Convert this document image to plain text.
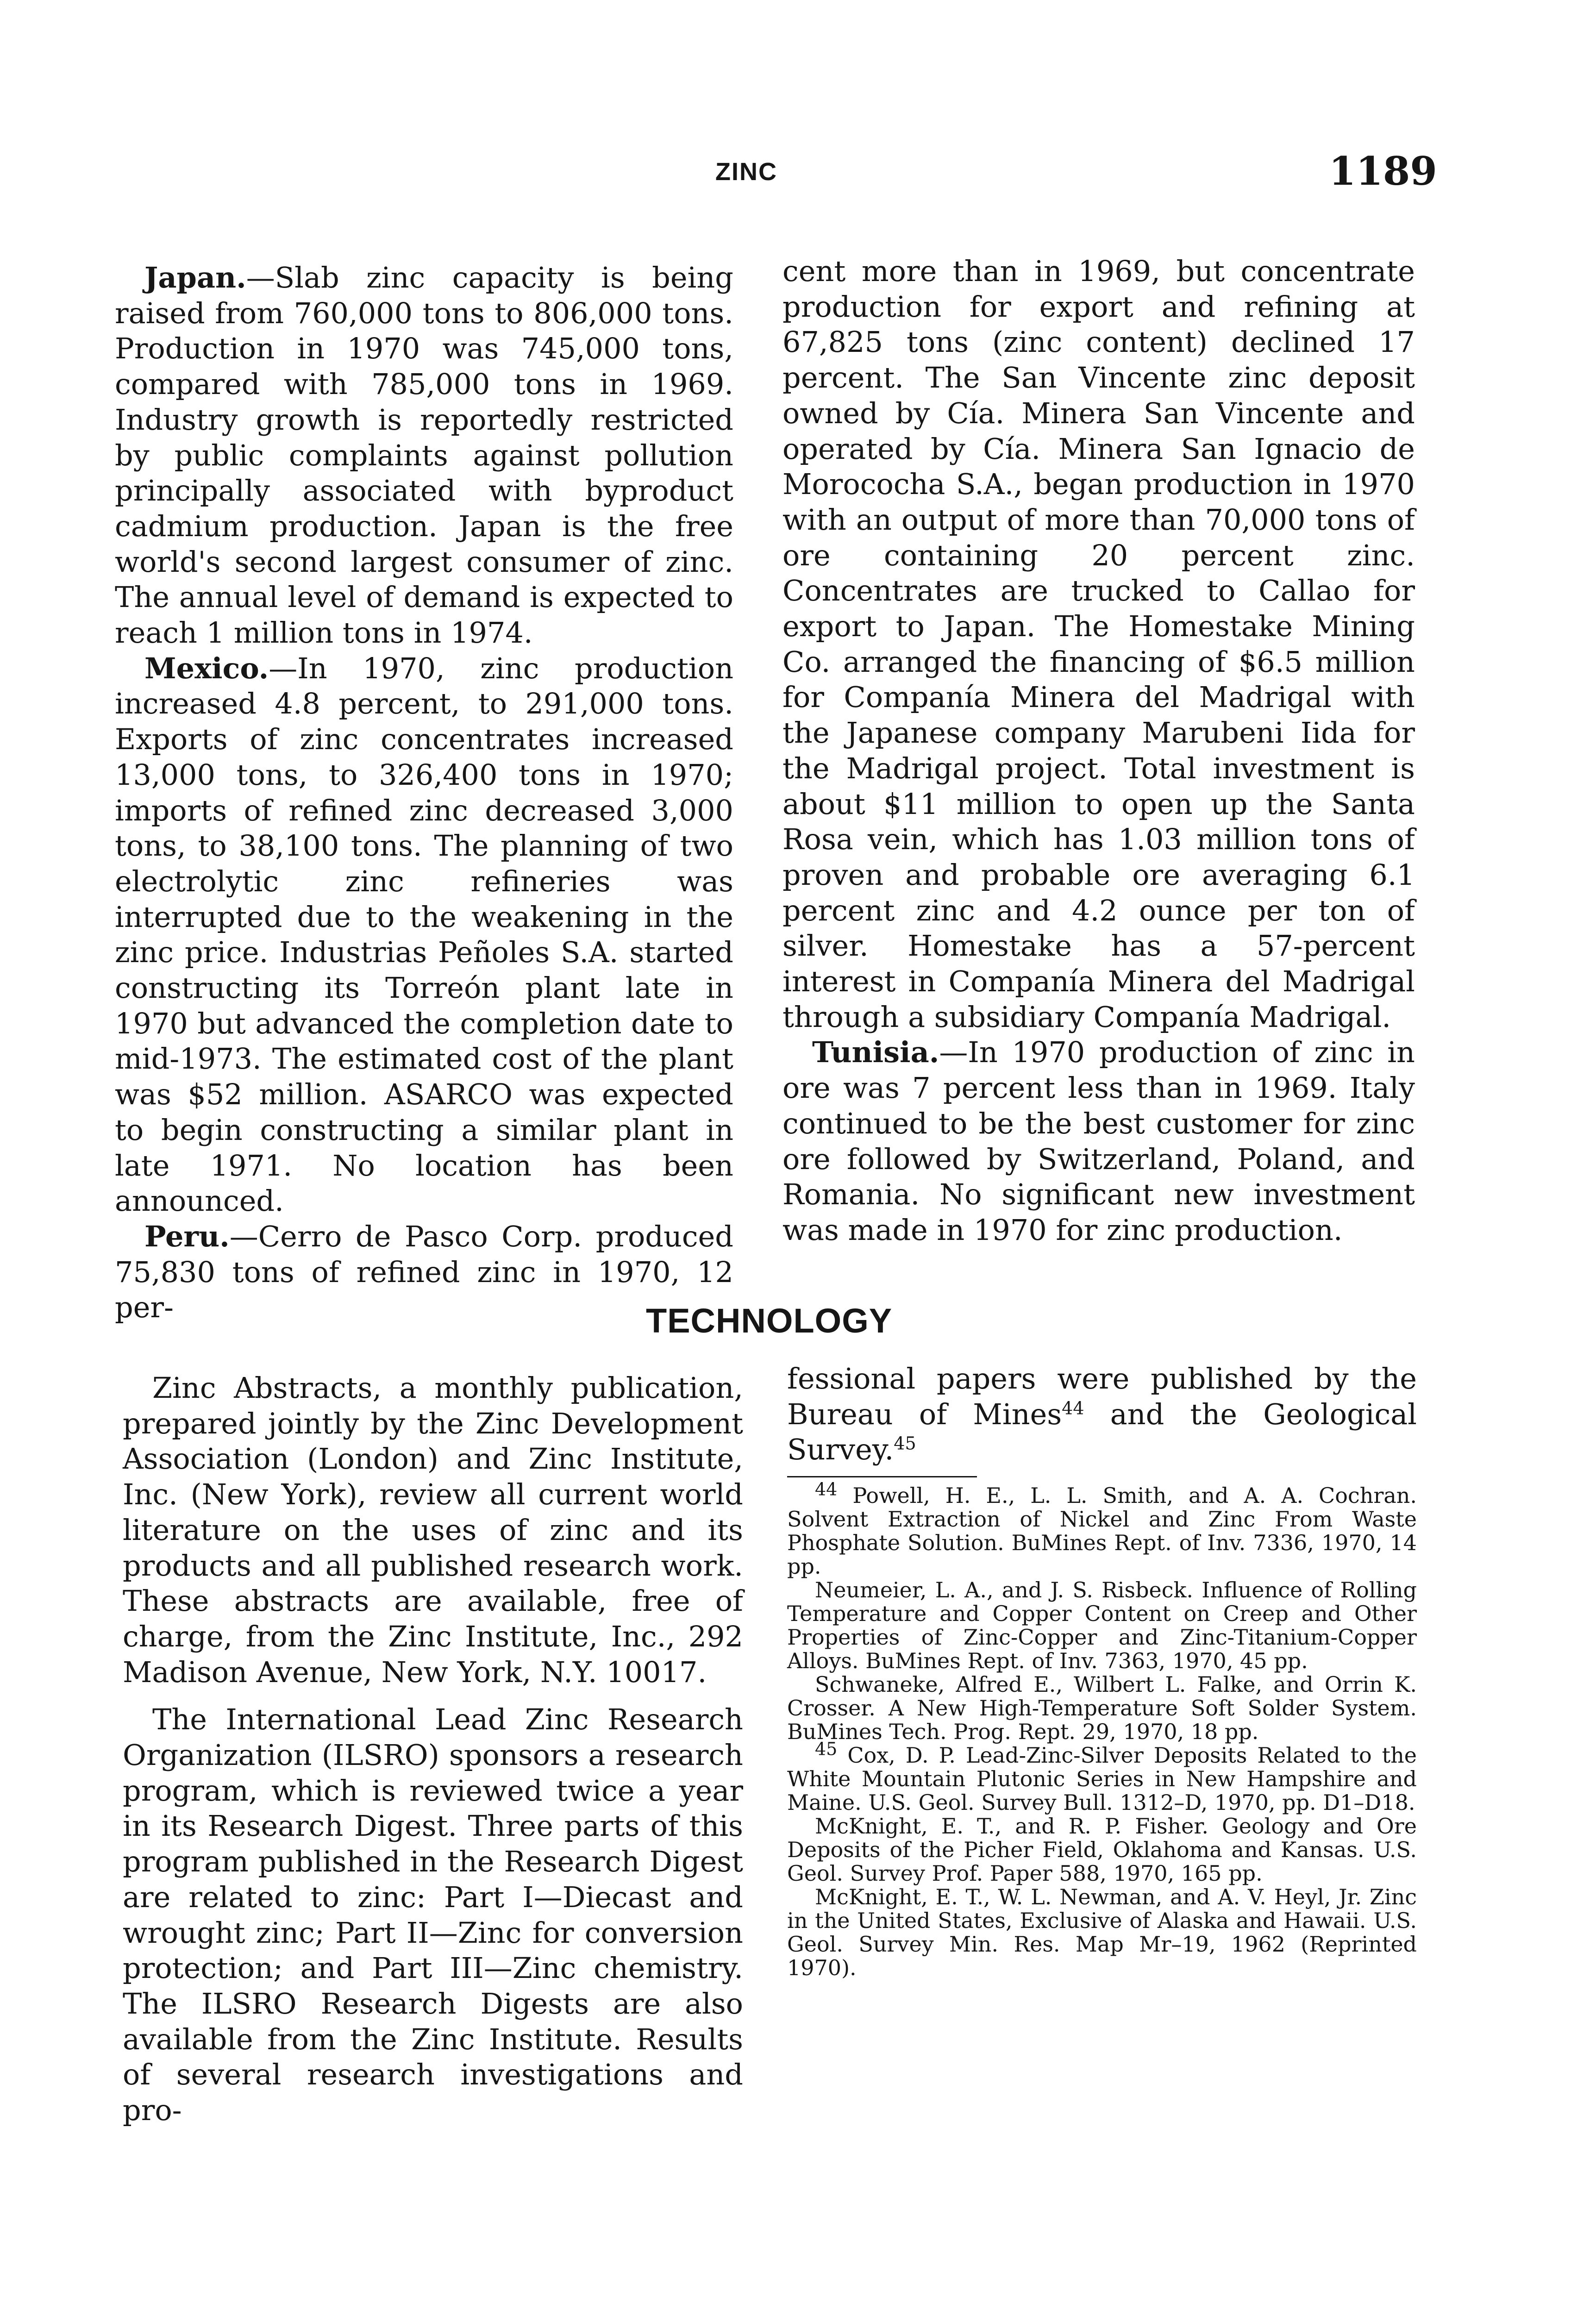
ZINC	1189

Japan.—Slab zinc capacity is being raised from 760,000 tons to 806,000 tons. Production in 1970 was 745,000 tons, compared with 785,000 tons in 1969. Industry growth is reportedly restricted by public complaints against pollution principally associated with byproduct cadmium production. Japan is the free world's second largest consumer of zinc. The annual level of demand is expected to reach 1 million tons in 1974.

Mexico.—In 1970, zinc production increased 4.8 percent, to 291,000 tons. Exports of zinc concentrates increased 13,000 tons, to 326,400 tons in 1970; imports of refined zinc decreased 3,000 tons, to 38,100 tons. The planning of two electrolytic zinc refineries was interrupted due to the weakening in the zinc price. Industrias Peñoles S.A. started constructing its Torreón plant late in 1970 but advanced the completion date to mid-1973. The estimated cost of the plant was $52 million. ASARCO was expected to begin constructing a similar plant in late 1971. No location has been announced.

Peru.—Cerro de Pasco Corp. produced 75,830 tons of refined zinc in 1970, 12 per-

cent more than in 1969, but concentrate production for export and refining at 67,825 tons (zinc content) declined 17 percent. The San Vincente zinc deposit owned by Cía. Minera San Vincente and operated by Cía. Minera San Ignacio de Morococha S.A., began production in 1970 with an output of more than 70,000 tons of ore containing 20 percent zinc. Concentrates are trucked to Callao for export to Japan. The Homestake Mining Co. arranged the financing of $6.5 million for Companía Minera del Madrigal with the Japanese company Marubeni Iida for the Madrigal project. Total investment is about $11 million to open up the Santa Rosa vein, which has 1.03 million tons of proven and probable ore averaging 6.1 percent zinc and 4.2 ounce per ton of silver. Homestake has a 57-percent interest in Companía Minera del Madrigal through a subsidiary Companía Madrigal.

Tunisia.—In 1970 production of zinc in ore was 7 percent less than in 1969. Italy continued to be the best customer for zinc ore followed by Switzerland, Poland, and Romania. No significant new investment was made in 1970 for zinc production.

TECHNOLOGY

Zinc Abstracts, a monthly publication, prepared jointly by the Zinc Development Association (London) and Zinc Institute, Inc. (New York), review all current world literature on the uses of zinc and its products and all published research work. These abstracts are available, free of charge, from the Zinc Institute, Inc., 292 Madison Avenue, New York, N.Y. 10017.

The International Lead Zinc Research Organization (ILSRO) sponsors a research program, which is reviewed twice a year in its Research Digest. Three parts of this program published in the Research Digest are related to zinc: Part I—Diecast and wrought zinc; Part II—Zinc for conversion protection; and Part III—Zinc chemistry. The ILSRO Research Digests are also available from the Zinc Institute. Results of several research investigations and pro-

fessional papers were published by the Bureau of Mines$^{44}$ and the Geological Survey.$^{45}$

$^{44}$ Powell, H. E., L. L. Smith, and A. A. Cochran. Solvent Extraction of Nickel and Zinc From Waste Phosphate Solution. BuMines Rept. of Inv. 7336, 1970, 14 pp.

Neumeier, L. A., and J. S. Risbeck. Influence of Rolling Temperature and Copper Content on Creep and Other Properties of Zinc-Copper and Zinc-Titanium-Copper Alloys. BuMines Rept. of Inv. 7363, 1970, 45 pp.

Schwaneke, Alfred E., Wilbert L. Falke, and Orrin K. Crosser. A New High-Temperature Soft Solder System. BuMines Tech. Prog. Rept. 29, 1970, 18 pp.

$^{45}$ Cox, D. P. Lead-Zinc-Silver Deposits Related to the White Mountain Plutonic Series in New Hampshire and Maine. U.S. Geol. Survey Bull. 1312–D, 1970, pp. D1–D18.

McKnight, E. T., and R. P. Fisher. Geology and Ore Deposits of the Picher Field, Oklahoma and Kansas. U.S. Geol. Survey Prof. Paper 588, 1970, 165 pp.

McKnight, E. T., W. L. Newman, and A. V. Heyl, Jr. Zinc in the United States, Exclusive of Alaska and Hawaii. U.S. Geol. Survey Min. Res. Map Mr–19, 1962 (Reprinted 1970).
